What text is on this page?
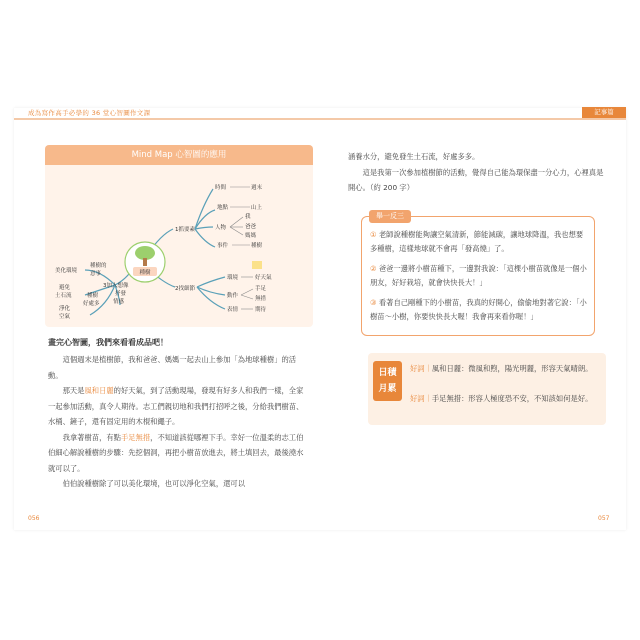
成為寫作高手必學的 36 堂心智圖作文課	記事篇
056	057
Mind Map 心智圖的應用
種樹
1抓要素
2找細節
3加入想像
時間	週末
地點	山上
人物
我
爸爸
媽媽
事件	種樹
環境	好天氣
動作
手足
無措
表情	期待
美化環境
種樹的
意事
避免
土石流
淨化
空氣
種樹
好處多
抒發
情感
畫完心智圖，我們來看看成品吧！

這個週末是植樹節，我和爸爸、媽媽一起去山上參加「為地球種樹」的活動。

那天是風和日麗的好天氣，到了活動現場，發現有好多人和我們一樣，全家一起參加活動，真令人期待。志工們親切地和我們打招呼之後，分給我們樹苗、水桶、鏟子，還有固定用的木棍和繩子。

我拿著樹苗，有點手足無措，不知道該從哪裡下手。幸好一位溫柔的志工伯伯細心解說種樹的步驟：先挖個洞，再把小樹苗放進去，將土填回去，最後澆水就可以了。

伯伯說種樹除了可以美化環境，也可以淨化空氣，還可以

涵養水分，避免發生土石流，好處多多。

這是我第一次參加植樹節的活動，覺得自己能為環保盡一分心力，心裡真是開心。（約 200 字）

舉一反三
① 老師說種樹能夠讓空氣清新，節能減碳，讓地球降溫，我也想要多種樹，這樣地球就不會再「發高燒」了。
② 爸爸一邊將小樹苗種下，一邊對我說：「這棵小樹苗就像是一個小朋友，好好栽培，就會快快長大！」
③ 看著自己剛種下的小樹苗，我真的好開心，偷偷地對著它說：「小樹苗～小樹，你要快快長大喔！我會再來看你喔！」
日積
月累
好詞｜風和日麗：微風和煦，陽光明麗，形容天氣晴朗。
好詞｜手足無措：形容人極度恐不安，不知該如何是好。
